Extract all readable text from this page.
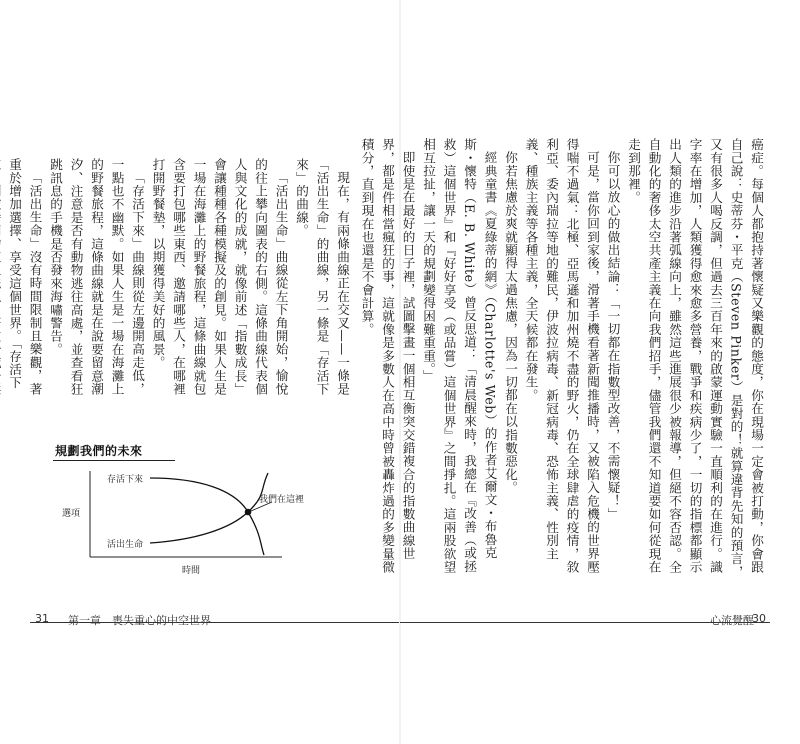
現在，有兩條曲線正在交叉——一條是「活出生命」的曲線，另一條是「存活下來」的曲線。

「活出生命」曲線從左下角開始，愉悅的往上攀向圖表的右側。這條曲線代表個人與文化的成就，就像前述「指數成長」會讓種種各種模擬及的創見。如果人生是一場在海灘上的野餐旅程，這條曲線就包含要打包哪些東西、邀請哪些人，在哪裡打開野餐墊，以期獲得美好的風景。

「存活下來」曲線則從左邊開高走低，一點也不幽默。如果人生是一場在海灘上的野餐旅程，這條曲線就是在說要留意潮汐、注意是否有動物逃往高處，並查看狂跳訊息的手機是否發來海嘯警告。

「活出生命」沒有時間限制且樂觀，著重於增加選擇、享受這個世界。「存活下

規劃我們的未來
選項
時間
存活下來
活出生命
我們在這裡
31 第一章　喪失重心的中空世界

癌症。每個人都抱持著懷疑又樂觀的態度，你在現場一定會被打動，你會跟自己說：史蒂芬・平克（Steven Pinker）是對的！就算違背先知的預言，又有很多人喝反調，但過去三百年來的啟蒙運動實驗一直順利的在進行。識字率在增加，人類獲得愈來愈多營養，戰爭和疾病少了，一切的指標都顯示出人類的進步沿著弧線向上，雖然這些進展很少被報導，但絕不容否認。全自動化的奢侈太空共產主義在向我們招手，儘管我們還不知道要如何從現在走到那裡。

你可以放心的做出結論：「一切都在指數型改善，不需懷疑！」

可是，當你回到家後，滑著手機看著新聞推播時，又被陷入危機的世界壓得喘不過氣：北極、亞馬遜和加州燒不盡的野火，仍在全球肆虐的疫情，敘利亞、委內瑞拉等地的難民，伊波拉病毒、新冠病毒、恐怖主義、性別主義、種族主義等各種主義，全天候都在發生。

你若焦慮於爽就顯得太過焦慮，因為一切都在以指數惡化。

經典童書《夏綠蒂的網》（Charlotte's Web）的作者艾爾文・布魯克斯・懷特（E. B. White）曾反思道：「清晨醒來時，我總在『改善（或拯救）這個世界』和『好好享受（或品嘗）這個世界』之間掙扎。這兩股欲望相互拉扯，讓一天的規劃變得困難重重。」

即使是在最好的日子裡，試圖擊畫一個相互衡突交錯複合的指數曲線世界，都是件相當瘋狂的事，這就像是多數人在高中時曾被轟炸過的多變量微積分，直到現在也還是不會計算。

心流覺醒
30
